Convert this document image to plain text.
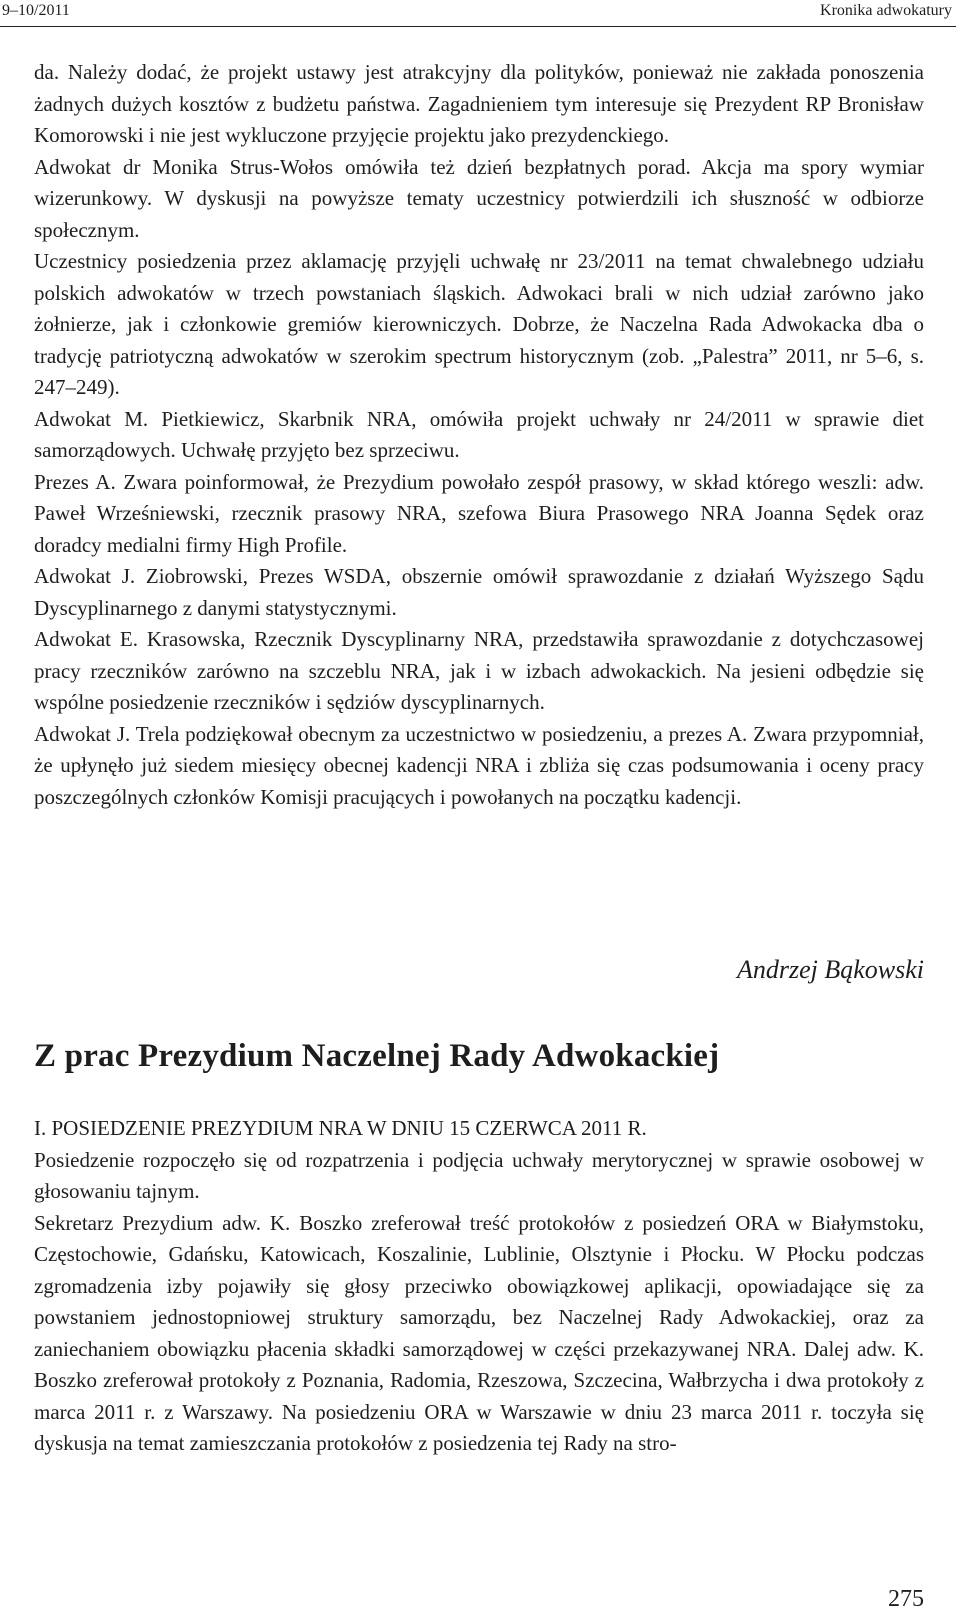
9–10/2011	Kronika adwokatury

da. Należy dodać, że projekt ustawy jest atrakcyjny dla polityków, ponieważ nie zakłada ponoszenia żadnych dużych kosztów z budżetu państwa. Zagadnieniem tym interesuje się Prezydent RP Bronisław Komorowski i nie jest wykluczone przyjęcie projektu jako prezydenckiego.

Adwokat dr Monika Strus-Wołos omówiła też dzień bezpłatnych porad. Akcja ma spory wymiar wizerunkowy. W dyskusji na powyższe tematy uczestnicy potwierdzili ich słuszność w odbiorze społecznym.

Uczestnicy posiedzenia przez aklamację przyjęli uchwałę nr 23/2011 na temat chwalebnego udziału polskich adwokatów w trzech powstaniach śląskich. Adwokaci brali w nich udział zarówno jako żołnierze, jak i członkowie gremiów kierowniczych. Dobrze, że Naczelna Rada Adwokacka dba o tradycję patriotyczną adwokatów w szerokim spectrum historycznym (zob. „Palestra” 2011, nr 5–6, s. 247–249).

Adwokat M. Pietkiewicz, Skarbnik NRA, omówiła projekt uchwały nr 24/2011 w sprawie diet samorządowych. Uchwałę przyjęto bez sprzeciwu.

Prezes A. Zwara poinformował, że Prezydium powołało zespół prasowy, w skład którego weszli: adw. Paweł Wrześniewski, rzecznik prasowy NRA, szefowa Biura Prasowego NRA Joanna Sędek oraz doradcy medialni firmy High Profile.

Adwokat J. Ziobrowski, Prezes WSDA, obszernie omówił sprawozdanie z działań Wyższego Sądu Dyscyplinarnego z danymi statystycznymi.

Adwokat E. Krasowska, Rzecznik Dyscyplinarny NRA, przedstawiła sprawozdanie z dotychczasowej pracy rzeczników zarówno na szczeblu NRA, jak i w izbach adwokackich. Na jesieni odbędzie się wspólne posiedzenie rzeczników i sędziów dyscyplinarnych.

Adwokat J. Trela podziękował obecnym za uczestnictwo w posiedzeniu, a prezes A. Zwara przypomniał, że upłynęło już siedem miesięcy obecnej kadencji NRA i zbliża się czas podsumowania i oceny pracy poszczególnych członków Komisji pracujących i powołanych na początku kadencji.

Andrzej Bąkowski
Z prac Prezydium Naczelnej Rady Adwokackiej

I. POSIEDZENIE PREZYDIUM NRA W DNIU 15 CZERWCA 2011 R.

Posiedzenie rozpoczęło się od rozpatrzenia i podjęcia uchwały merytorycznej w sprawie osobowej w głosowaniu tajnym.

Sekretarz Prezydium adw. K. Boszko zreferował treść protokołów z posiedzeń ORA w Białymstoku, Częstochowie, Gdańsku, Katowicach, Koszalinie, Lublinie, Olsztynie i Płocku. W Płocku podczas zgromadzenia izby pojawiły się głosy przeciwko obowiązkowej aplikacji, opowiadające się za powstaniem jednostopniowej struktury samorządu, bez Naczelnej Rady Adwokackiej, oraz za zaniechaniem obowiązku płacenia składki samorządowej w części przekazywanej NRA. Dalej adw. K. Boszko zreferował protokoły z Poznania, Radomia, Rzeszowa, Szczecina, Wałbrzycha i dwa protokoły z marca 2011 r. z Warszawy. Na posiedzeniu ORA w Warszawie w dniu 23 marca 2011 r. toczyła się dyskusja na temat zamieszczania protokołów z posiedzenia tej Rady na stro-

275
